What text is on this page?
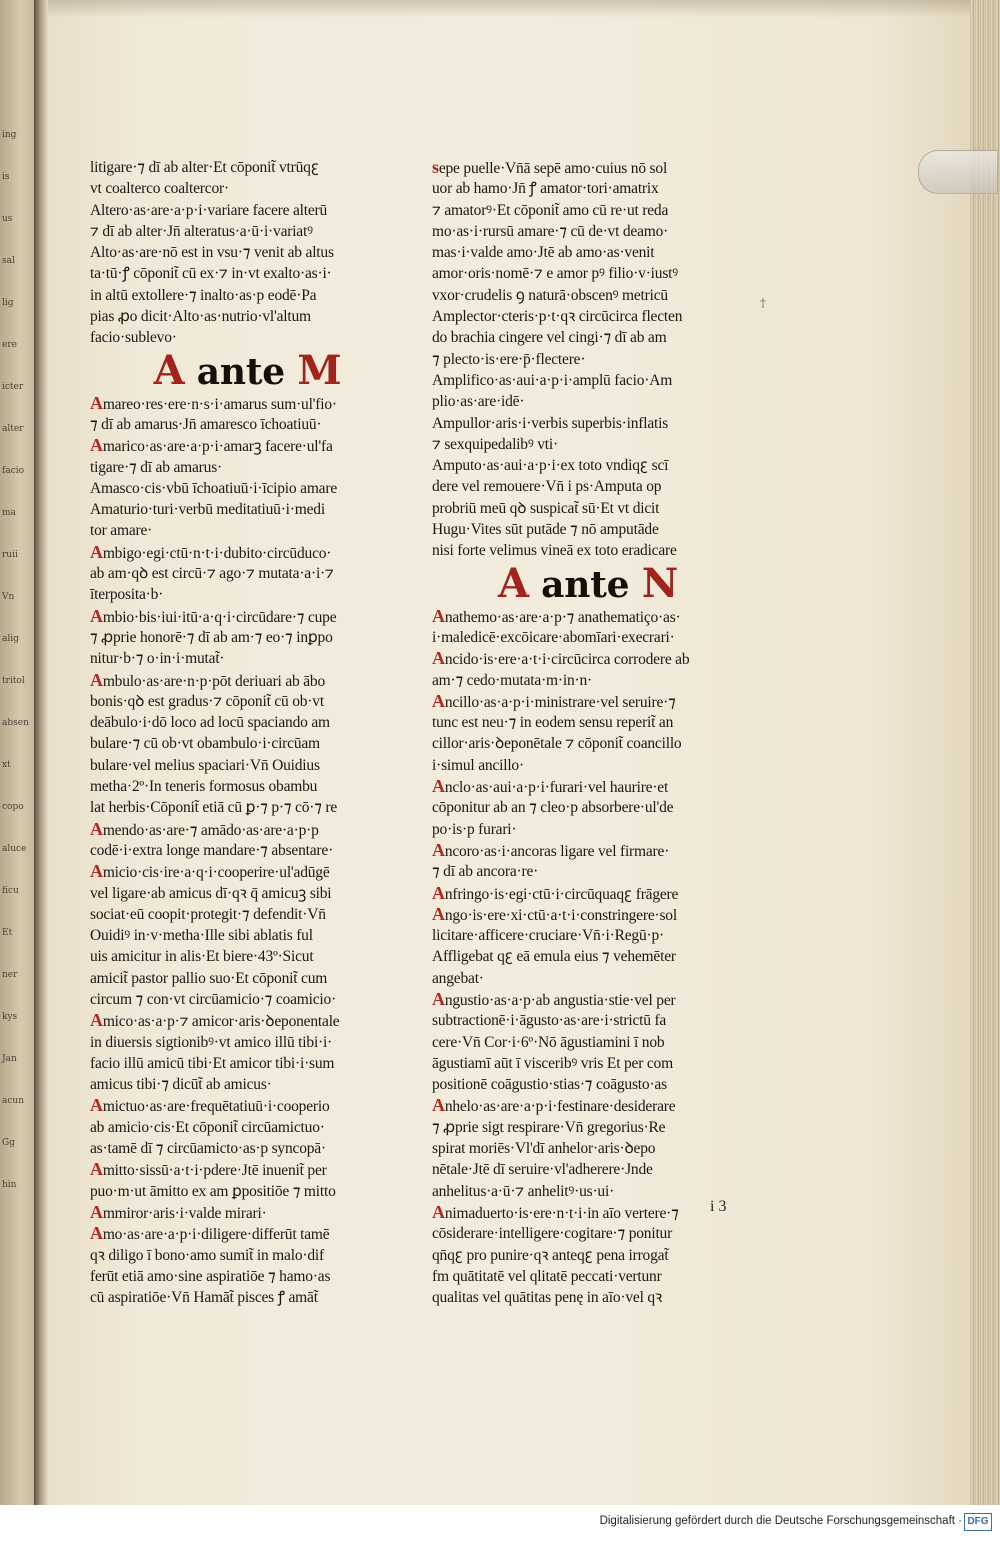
ing
is
us
sal
lig
ere
icter
alter
facio
ma
ruii
Vn
alig
tritol
absen
xt
copo
aluce
ficu
Et
ner
kys
Jan
acun
Gg
hin
litigare·⁊ dī ab alter·Et cōponit̃ vtrūqꜫ
vt coalterco coaltercor·
Altero·as·are·a·p·i·variare facere alterū
⁊ dī ab alter·Jn̄ alteratus·a·ū·i·variatꝰ
Alto·as·are·nō est in vsu·⁊ venit ab altus
ta·tū·ꝭ cōponit̃ cū ex·⁊ in·vt exalto·as·i·
in altū extollere·⁊ inalto·as·p eodē·Pa
pias ꝓo dicit·Alto·as·nutrio·vl'altum
facio·sublevo·
A ante M
Amareo·res·ere·n·s·i·amarus sum·ul'fio·
⁊ dī ab amarus·Jn̄ amaresco īchoatiuū·
Amarico·as·are·a·p·i·amarꝫ facere·ul'fa
tigare·⁊ dī ab amarus·
Amasco·cis·vbū īchoatiuū·i·īcipio amare
Amaturio·turi·verbū meditatiuū·i·medi
tor amare·
Ambigo·egi·ctū·n·t·i·dubito·circūduco·
ab am·qꝺ est circū·⁊ ago·⁊ mutata·a·i·⁊
īterposita·b·
Ambio·bis·iui·itū·a·q·i·circūdare·⁊ cupe
⁊ ꝓprie honorē·⁊ dī ab am·⁊ eo·⁊ inꝑpo
nitur·b·⁊ o·in·i·mutat̃·
Ambulo·as·are·n·p·pōt deriuari ab ābo
bonis·qꝺ est gradus·⁊ cōponit̃ cū ob·vt
deābulo·i·dō loco ad locū spaciando am
bulare·⁊ cū ob·vt obambulo·i·circūam
bulare·vel melius spaciari·Vn̄ Ouidius
metha·2º·In teneris formosus obambu
lat herbis·Cōponit̃ etiā cū ꝑ·⁊ p·⁊ cō·⁊ re
Amendo·as·are·⁊ amādo·as·are·a·p·p
codē·i·extra longe mandare·⁊ absentare·
Amicio·cis·ire·a·q·i·cooperire·ul'adūgē
vel ligare·ab amicus dī·qꝛ q̄ amicuꝫ sibi
sociat·eū coopit·protegit·⁊ defendit·Vn̄
Ouidiꝰ in·v·metha·Ille sibi ablatis ful
uis amicitur in alis·Et biere·43º·Sicut
amicit̃ pastor pallio suo·Et cōponit̃ cum
circum ⁊ con·vt circūamicio·⁊ coamicio·
Amico·as·a·p·⁊ amicor·aris·ꝺeponentale
in diuersis sigtionibꝰ·vt amico illū tibi·i·
facio illū amicū tibi·Et amicor tibi·i·sum
amicus tibi·⁊ dicūt̃ ab amicus·
Amictuo·as·are·frequētatiuū·i·cooperio
ab amicio·cis·Et cōponit̃ circūamictuo·
as·tamē dī ⁊ circūamicto·as·p syncopā·
Amitto·sissū·a·t·i·pdere·Jtē inuenit̃ per
puo·m·ut āmitto ex am ꝑpositiōe ⁊ mitto
Ammiror·aris·i·valde mirari·
Amo·as·are·a·p·i·diligere·differūt tamē
qꝛ diligo ī bono·amo sumit̃ in malo·dif
ferūt etiā amo·sine aspiratiōe ⁊ hamo·as
cū aspiratiōe·Vn̄ Hamāt̃ pisces ꝭ amāt̃
sepe puelle·Vn̄ā sepē amo·cuius nō sol
uor ab hamo·Jn̄ ꝭ amator·tori·amatrix
⁊ amatorꝰ·Et cōponit̃ amo cū re·ut reda
mo·as·i·rursū amare·⁊ cū de·vt deamo·
mas·i·valde amo·Jtē ab amo·as·venit
amor·oris·nomē·⁊ e amor pꝰ filio·v·iustꝰ
vxor·crudelis ꝯ naturā·obscenꝰ metricū
Amplector·cteris·p·t·qꝛ circūcirca flecten
do brachia cingere vel cingi·⁊ dī ab am
⁊ plecto·is·ere·p̄·flectere·
Amplifico·as·aui·a·p·i·amplū facio·Am
plio·as·are·idē·
Ampullor·aris·i·verbis superbis·inflatis
⁊ sexquipedalibꝰ vti·
Amputo·as·aui·a·p·i·ex toto vndiqꜫ scī
dere vel remouere·Vn̄ i ps·Amputa op
probriū meū qꝺ suspicat̃ sū·Et vt dicit
Hugu·Vites sūt putāde ⁊ nō amputāde
nisi forte velimus vineā ex toto eradicare
A ante N
Anathemo·as·are·a·p·⁊ anathematiço·as·
i·maledicē·excōicare·abomīari·execrari·
Ancido·is·ere·a·t·i·circūcirca corrodere ab
am·⁊ cedo·mutata·m·in·n·
Ancillo·as·a·p·i·ministrare·vel seruire·⁊
tunc est neu·⁊ in eodem sensu reperit̃ an
cillor·aris·ꝺeponētale ⁊ cōponit̃ coancillo
i·simul ancillo·
Anclo·as·aui·a·p·i·furari·vel haurire·et
cōponitur ab an ⁊ cleo·p absorbere·ul'de
po·is·p furari·
Ancoro·as·i·ancoras ligare vel firmare·
⁊ dī ab ancora·re·
Anfringo·is·egi·ctū·i·circūquaqꜫ frāgere
Ango·is·ere·xi·ctū·a·t·i·constringere·sol
licitare·afficere·cruciare·Vn̄·i·Regū·p·
Affligebat qꜫ eā emula eius ⁊ vehemēter
angebat·
Angustio·as·a·p·ab angustia·stie·vel per
subtractionē·i·āgusto·as·are·i·strictū fa
cere·Vn̄ Cor·i·6º·Nō āgustiamini ī nob
āgustiamī aūt ī visceribꝰ vris Et per com
positionē coāgustio·stias·⁊ coāgusto·as
Anhelo·as·are·a·p·i·festinare·desiderare
⁊ ꝓprie sigt respirare·Vn̄ gregorius·Re
spirat moriēs·Vl'dī anhelor·aris·ꝺepo
nētale·Jtē dī seruire·vl'adherere·Jnde
anhelitus·a·ū·⁊ anhelitꝰ·us·ui·
Animaduerto·is·ere·n·t·i·in aīo vertere·⁊
cōsiderare·intelligere·cogitare·⁊ ponitur
qn̄qꜫ pro punire·qꝛ anteqꜫ pena irrogat̃
fm quātitatē vel qlitatē peccati·vertunr
qualitas vel quātitas penę in aīo·vel qꝛ
†
i 3
Digitalisierung gefördert durch die Deutsche Forschungsgemeinschaft · DFG
